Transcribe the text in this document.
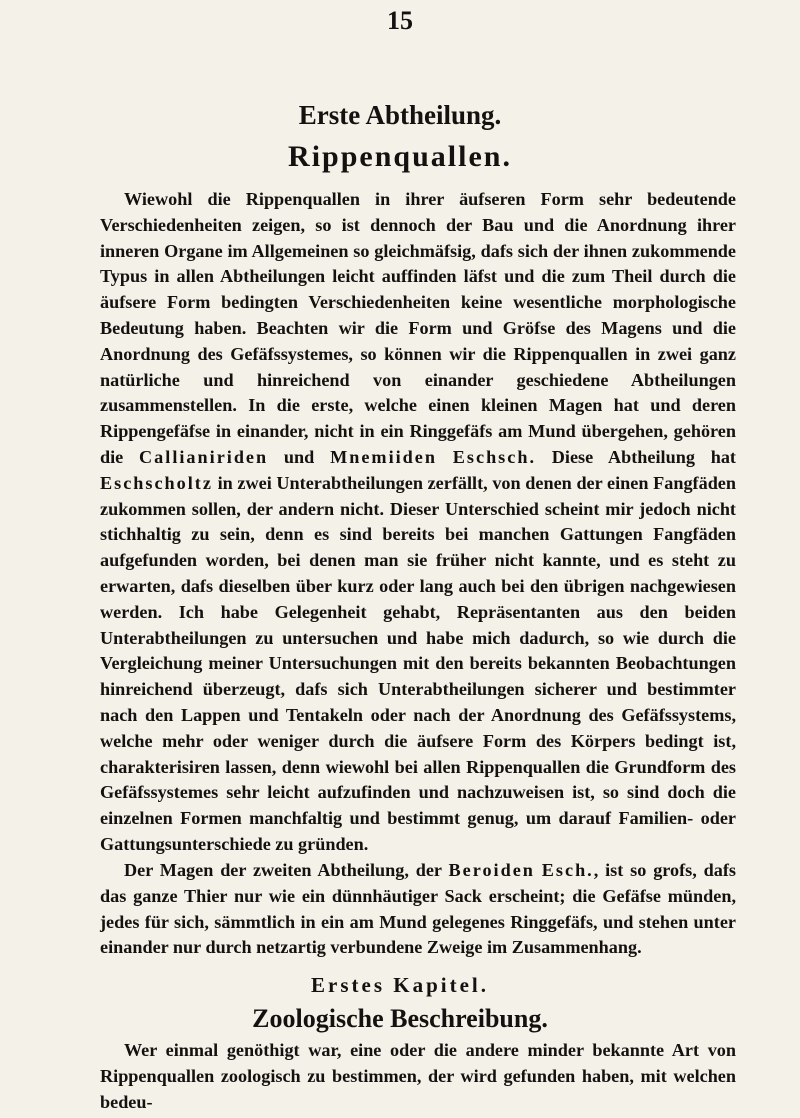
15
Erste Abtheilung.
Rippenquallen.

Wiewohl die Rippenquallen in ihrer äufseren Form sehr bedeutende Verschiedenheiten zeigen, so ist dennoch der Bau und die Anordnung ihrer inneren Organe im Allgemeinen so gleichmäfsig, dafs sich der ihnen zukommende Typus in allen Abtheilungen leicht auffinden läfst und die zum Theil durch die äufsere Form bedingten Verschiedenheiten keine wesentliche morphologische Bedeutung haben. Beachten wir die Form und Gröfse des Magens und die Anordnung des Gefäfssystemes, so können wir die Rippenquallen in zwei ganz natürliche und hinreichend von einander geschiedene Abtheilungen zusammenstellen. In die erste, welche einen kleinen Magen hat und deren Rippengefäfse in einander, nicht in ein Ringgefäfs am Mund übergehen, gehören die Callianiriden und Mnemiiden Eschsch. Diese Abtheilung hat Eschscholtz in zwei Unterabtheilungen zerfällt, von denen der einen Fangfäden zukommen sollen, der andern nicht. Dieser Unterschied scheint mir jedoch nicht stichhaltig zu sein, denn es sind bereits bei manchen Gattungen Fangfäden aufgefunden worden, bei denen man sie früher nicht kannte, und es steht zu erwarten, dafs dieselben über kurz oder lang auch bei den übrigen nachgewiesen werden. Ich habe Gelegenheit gehabt, Repräsentanten aus den beiden Unterabtheilungen zu untersuchen und habe mich dadurch, so wie durch die Vergleichung meiner Untersuchungen mit den bereits bekannten Beobachtungen hinreichend überzeugt, dafs sich Unterabtheilungen sicherer und bestimmter nach den Lappen und Tentakeln oder nach der Anordnung des Gefäfssystems, welche mehr oder weniger durch die äufsere Form des Körpers bedingt ist, charakterisiren lassen, denn wiewohl bei allen Rippenquallen die Grundform des Gefäfssystemes sehr leicht aufzufinden und nachzuweisen ist, so sind doch die einzelnen Formen manchfaltig und bestimmt genug, um darauf Familien- oder Gattungsunterschiede zu gründen.

Der Magen der zweiten Abtheilung, der Beroiden Esch., ist so grofs, dafs das ganze Thier nur wie ein dünnhäutiger Sack erscheint; die Gefäfse münden, jedes für sich, sämmtlich in ein am Mund gelegenes Ringgefäfs, und stehen unter einander nur durch netzartig verbundene Zweige im Zusammenhang.

Erstes Kapitel.
Zoologische Beschreibung.

Wer einmal genöthigt war, eine oder die andere minder bekannte Art von Rippenquallen zoologisch zu bestimmen, der wird gefunden haben, mit welchen bedeu-
